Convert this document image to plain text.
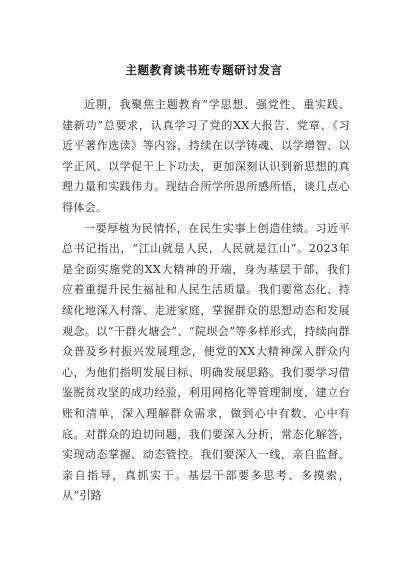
主题教育读书班专题研讨发言

近期，我聚焦主题教育“学思想、强党性、重实践、建新功”总要求，认真学习了党的XX大报告、党章、《习近平著作选读》等内容，持续在以学铸魂、以学增智、以学正风、以学促干上下功夫，更加深刻认识到新思想的真理力量和实践伟力。现结合所学所思所感所悟，谈几点心得体会。

一要厚植为民情怀，在民生实事上创造佳绩。习近平总书记指出，“江山就是人民，人民就是江山”。2023年是全面实施党的XX大精神的开端，身为基层干部，我们应着重提升民生福祉和人民生活质量。我们要常态化、持续化地深入村落、走进家庭，掌握群众的思想动态和发展观念。以“干群火塘会”、“院坝会”等多样形式，持续向群众普及乡村振兴发展理念，使党的XX大精神深入群众内心，为他们指明发展目标、明确发展思路。我们要学习借鉴脱贫攻坚的成功经验，利用网格化等管理制度，建立台账和清单，深入理解群众需求，做到心中有数、心中有底。对群众的迫切问题，我们要深入分析，常态化解答，实现动态掌握、动态管控。我们要深入一线，亲自监督、亲自指导，真抓实干。基层干部要多思考、多摸索，从“引路
